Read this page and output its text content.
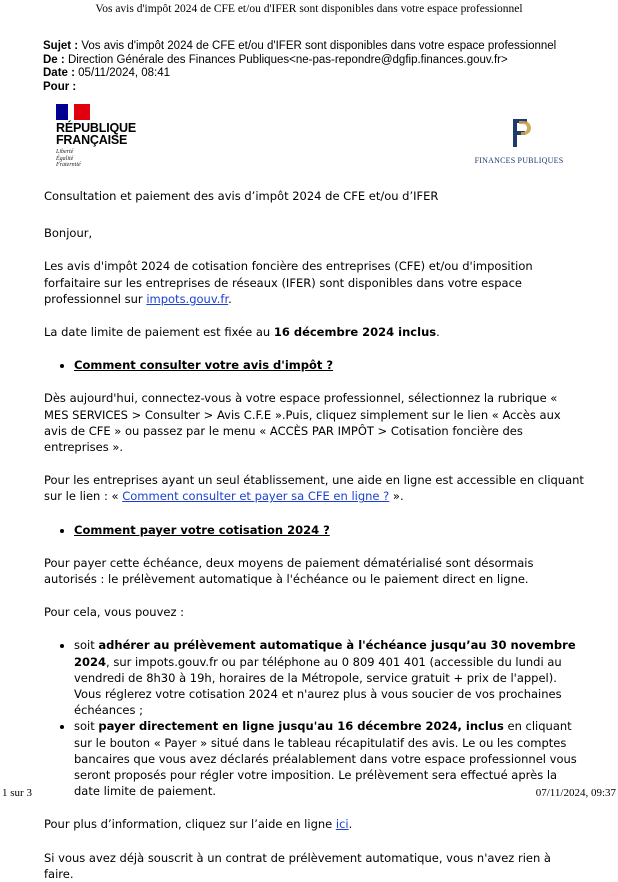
Vos avis d'impôt 2024 de CFE et/ou d'IFER sont disponibles dans votre espace professionnel
Sujet : Vos avis d'impôt 2024 de CFE et/ou d'IFER sont disponibles dans votre espace professionnel
De : Direction Générale des Finances Publiques<ne-pas-repondre@dgfip.finances.gouv.fr>
Date : 05/11/2024, 08:41
Pour :
RÉPUBLIQUE
FRANÇAISE
Liberté
Égalité
Fraternité	FINANCES PUBLIQUES

Consultation et paiement des avis d’impôt 2024 de CFE et/ou d’IFER

Bonjour,

Les avis d'impôt 2024 de cotisation foncière des entreprises (CFE) et/ou d'imposition forfaitaire sur les entreprises de réseaux (IFER) sont disponibles dans votre espace professionnel sur impots.gouv.fr.

La date limite de paiement est fixée au 16 décembre 2024 inclus.

• Comment consulter votre avis d'impôt ?

Dès aujourd'hui, connectez-vous à votre espace professionnel, sélectionnez la rubrique « MES SERVICES > Consulter > Avis C.F.E ».Puis, cliquez simplement sur le lien « Accès aux avis de CFE » ou passez par le menu « ACCÈS PAR IMPÔT > Cotisation foncière des entreprises ».

Pour les entreprises ayant un seul établissement, une aide en ligne est accessible en cliquant sur le lien : « Comment consulter et payer sa CFE en ligne ? ».

• Comment payer votre cotisation 2024 ?

Pour payer cette échéance, deux moyens de paiement dématérialisé sont désormais autorisés : le prélèvement automatique à l'échéance ou le paiement direct en ligne.

Pour cela, vous pouvez :

• soit adhérer au prélèvement automatique à l'échéance jusqu’au 30 novembre 2024, sur impots.gouv.fr ou par téléphone au 0 809 401 401 (accessible du lundi au vendredi de 8h30 à 19h, horaires de la Métropole, service gratuit + prix de l'appel). Vous réglerez votre cotisation 2024 et n'aurez plus à vous soucier de vos prochaines échéances ;
• soit payer directement en ligne jusqu'au 16 décembre 2024, inclus en cliquant sur le bouton « Payer » situé dans le tableau récapitulatif des avis. Le ou les comptes bancaires que vous avez déclarés préalablement dans votre espace professionnel vous seront proposés pour régler votre imposition. Le prélèvement sera effectué après la date limite de paiement.

Pour plus d’information, cliquez sur l’aide en ligne ici.

Si vous avez déjà souscrit à un contrat de prélèvement automatique, vous n'avez rien à faire.

1 sur 3	07/11/2024, 09:37
